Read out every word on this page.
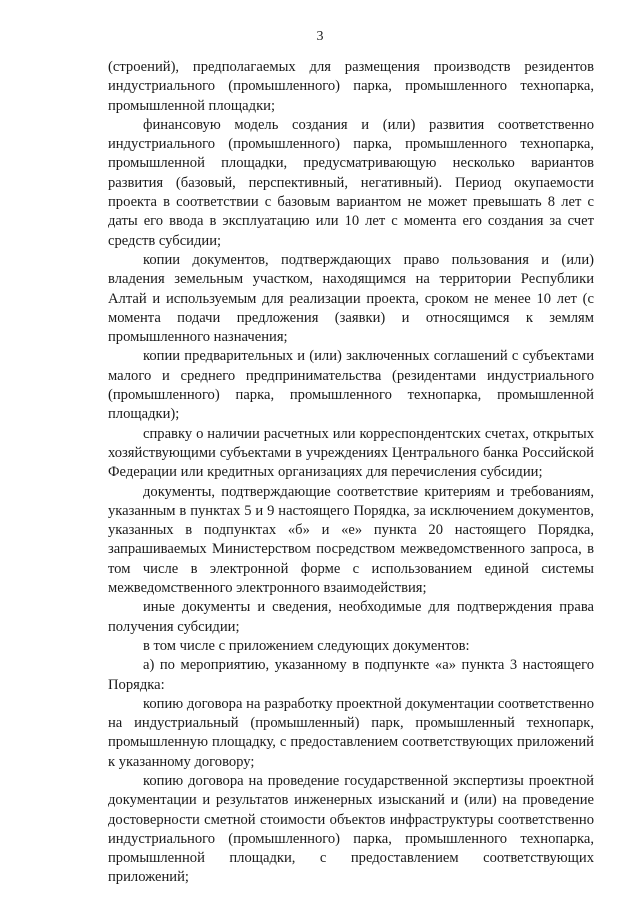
3

(строений), предполагаемых для размещения производств резидентов индустриального (промышленного) парка, промышленного технопарка, промышленной площадки;

финансовую модель создания и (или) развития соответственно индустриального (промышленного) парка, промышленного технопарка, промышленной площадки, предусматривающую несколько вариантов развития (базовый, перспективный, негативный). Период окупаемости проекта в соответствии с базовым вариантом не может превышать 8 лет с даты его ввода в эксплуатацию или 10 лет с момента его создания за счет средств субсидии;

копии документов, подтверждающих право пользования и (или) владения земельным участком, находящимся на территории Республики Алтай и используемым для реализации проекта, сроком не менее 10 лет (с момента подачи предложения (заявки) и относящимся к землям промышленного назначения;

копии предварительных и (или) заключенных соглашений с субъектами малого и среднего предпринимательства (резидентами индустриального (промышленного) парка, промышленного технопарка, промышленной площадки);

справку о наличии расчетных или корреспондентских счетах, открытых хозяйствующими субъектами в учреждениях Центрального банка Российской Федерации или кредитных организациях для перечисления субсидии;

документы, подтверждающие соответствие критериям и требованиям, указанным в пунктах 5 и 9 настоящего Порядка, за исключением документов, указанных в подпунктах «б» и «е» пункта 20 настоящего Порядка, запрашиваемых Министерством посредством межведомственного запроса, в том числе в электронной форме с использованием единой системы межведомственного электронного взаимодействия;

иные документы и сведения, необходимые для подтверждения права получения субсидии;

в том числе с приложением следующих документов:

а) по мероприятию, указанному в подпункте «а» пункта 3 настоящего Порядка:

копию договора на разработку проектной документации соответственно на индустриальный (промышленный) парк, промышленный технопарк, промышленную площадку, с предоставлением соответствующих приложений к указанному договору;

копию договора на проведение государственной экспертизы проектной документации и результатов инженерных изысканий и (или) на проведение достоверности сметной стоимости объектов инфраструктуры соответственно индустриального (промышленного) парка, промышленного технопарка, промышленной площадки, с предоставлением соответствующих приложений;
